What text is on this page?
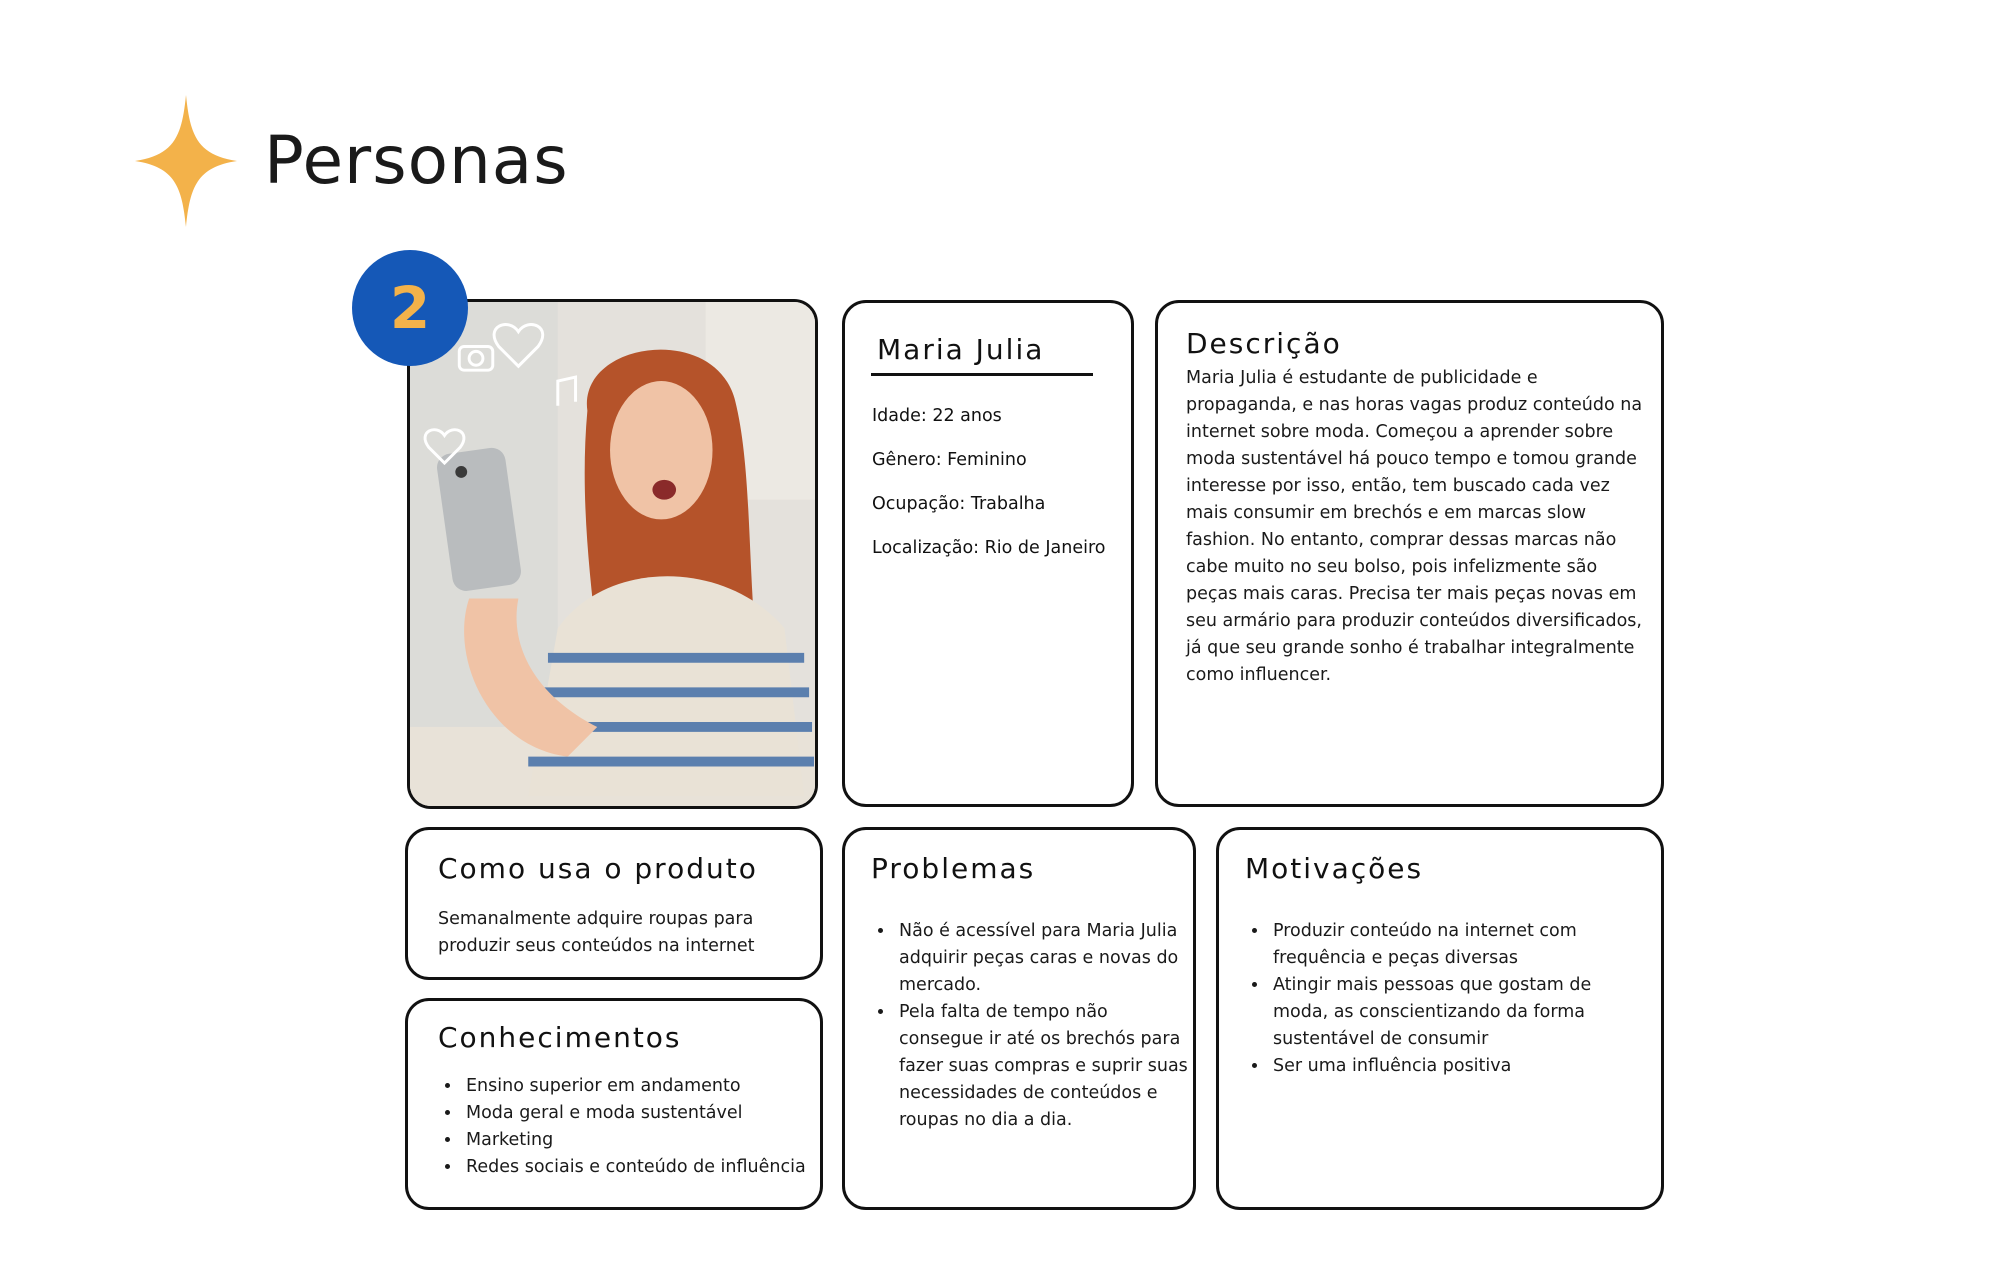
Personas
2
Maria Julia
Idade: 22 anos
Gênero: Feminino
Ocupação: Trabalha
Localização: Rio de Janeiro
Descrição

Maria Julia é estudante de publicidade e propaganda, e nas horas vagas produz conteúdo na internet sobre moda. Começou a aprender sobre moda sustentável há pouco tempo e tomou grande interesse por isso, então, tem buscado cada vez mais consumir em brechós e em marcas slow fashion. No entanto, comprar dessas marcas não cabe muito no seu bolso, pois infelizmente são peças mais caras. Precisa ter mais peças novas em seu armário para produzir conteúdos diversificados, já que seu grande sonho é trabalhar integralmente como influencer.

Como usa o produto

Semanalmente adquire roupas para produzir seus conteúdos na internet

Conhecimentos
• Ensino superior em andamento
• Moda geral e moda sustentável
• Marketing
• Redes sociais e conteúdo de influência
Problemas
• Não é acessível para Maria Julia adquirir peças caras e novas do mercado.
• Pela falta de tempo não consegue ir até os brechós para fazer suas compras e suprir suas necessidades de conteúdos e roupas no dia a dia.
Motivações
• Produzir conteúdo na internet com frequência e peças diversas
• Atingir mais pessoas que gostam de moda, as conscientizando da forma sustentável de consumir
• Ser uma influência positiva
